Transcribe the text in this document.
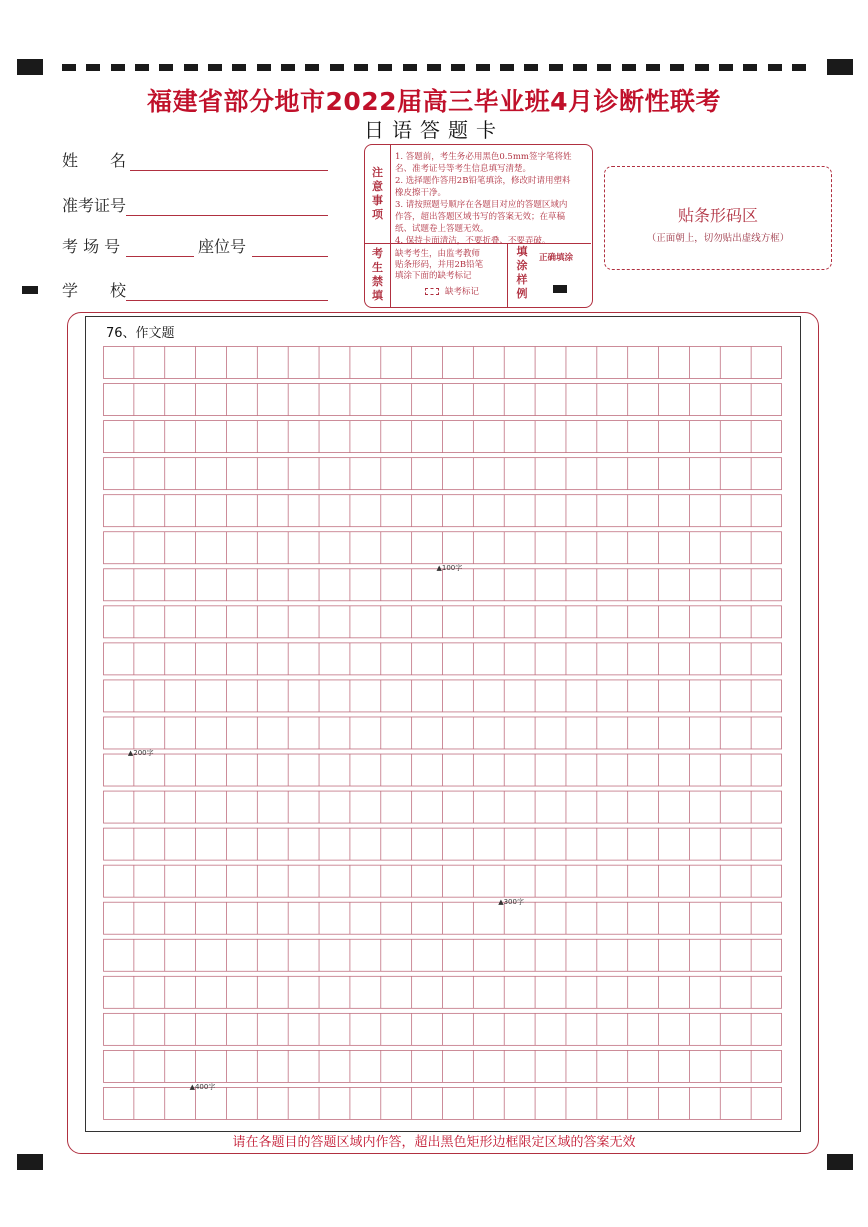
福建省部分地市2022届高三毕业班4月诊断性联考
日语答题卡
姓　　名
准考证号
考 场 号	座位号
学　　校
注
意
事
项
1. 答题前，考生务必用黑色0.5mm签字笔将姓
名、准考证号等考生信息填写清楚。
2. 选择题作答用2B铅笔填涂，修改时请用塑料
橡皮擦干净。
3. 请按照题号顺序在各题目对应的答题区域内
作答，超出答题区域书写的答案无效；在草稿
纸、试题卷上答题无效。
4. 保持卡面清洁，不要折叠、不要弄破。
考
生
禁
填
缺考考生，由监考教师
贴条形码，并用2B铅笔
填涂下面的缺考标记
缺考标记
填
涂
样
例
正确填涂
贴条形码区
（正面朝上，切勿贴出虚线方框）
76、作文题
▲100字
▲200字
▲300字
▲400字
请在各题目的答题区域内作答，超出黑色矩形边框限定区域的答案无效
